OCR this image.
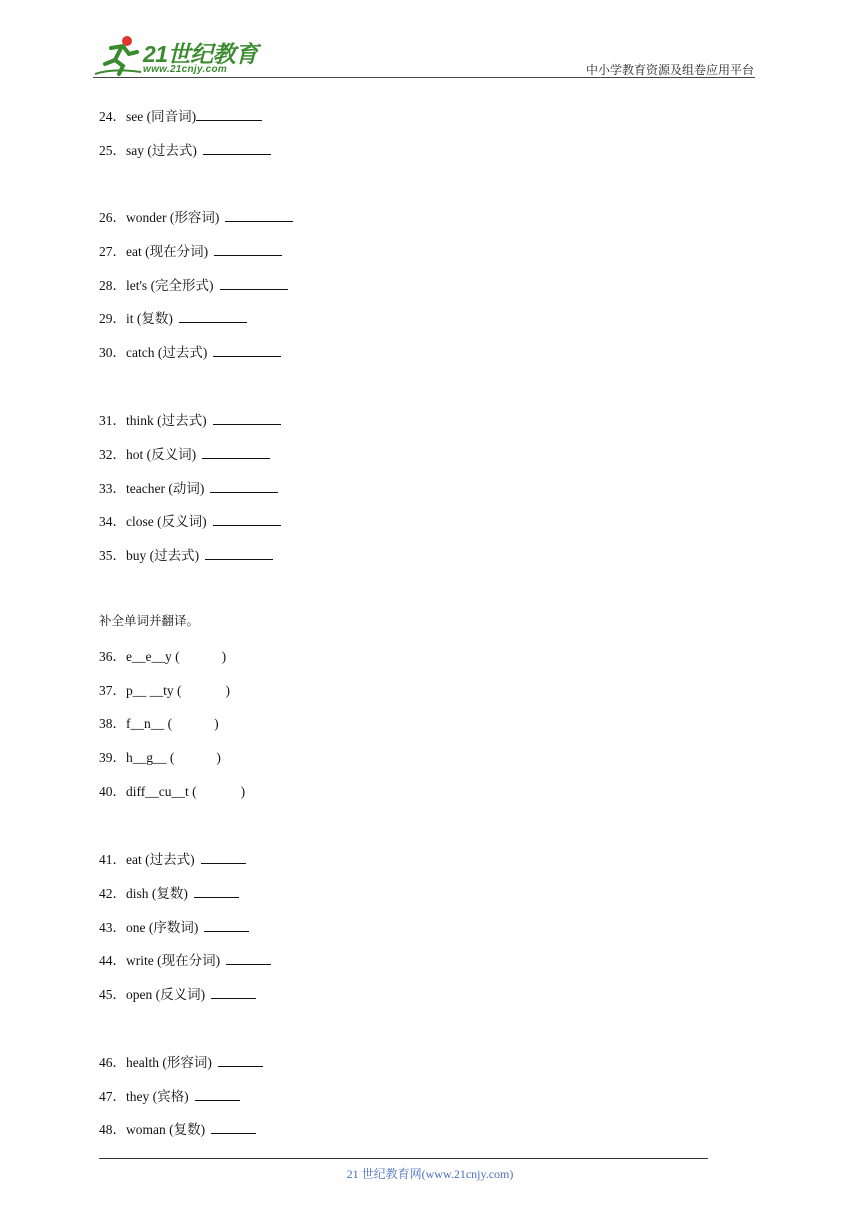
21世纪教育
www.21cnjy.com	中小学教育资源及组卷应用平台
24．see (同音词)
25．say (过去式)
26．wonder (形容词)
27．eat (现在分词)
28．let's (完全形式)
29．it (复数)
30．catch (过去式)
31．think (过去式)
32．hot (反义词)
33．teacher (动词)
34．close (反义词)
35．buy (过去式)
36．e__e__y (	)
37．p__ __ty (	)
38．f__n__ (	)
39．h__g__ (	)
40．diff__cu__t (	)
41．eat (过去式)
42．dish (复数)
43．one (序数词)
44．write (现在分词)
45．open (反义词)
46．health (形容词)
47．they (宾格)
48．woman (复数)
补全单词并翻译。
21 世纪教育网(www.21cnjy.com)
